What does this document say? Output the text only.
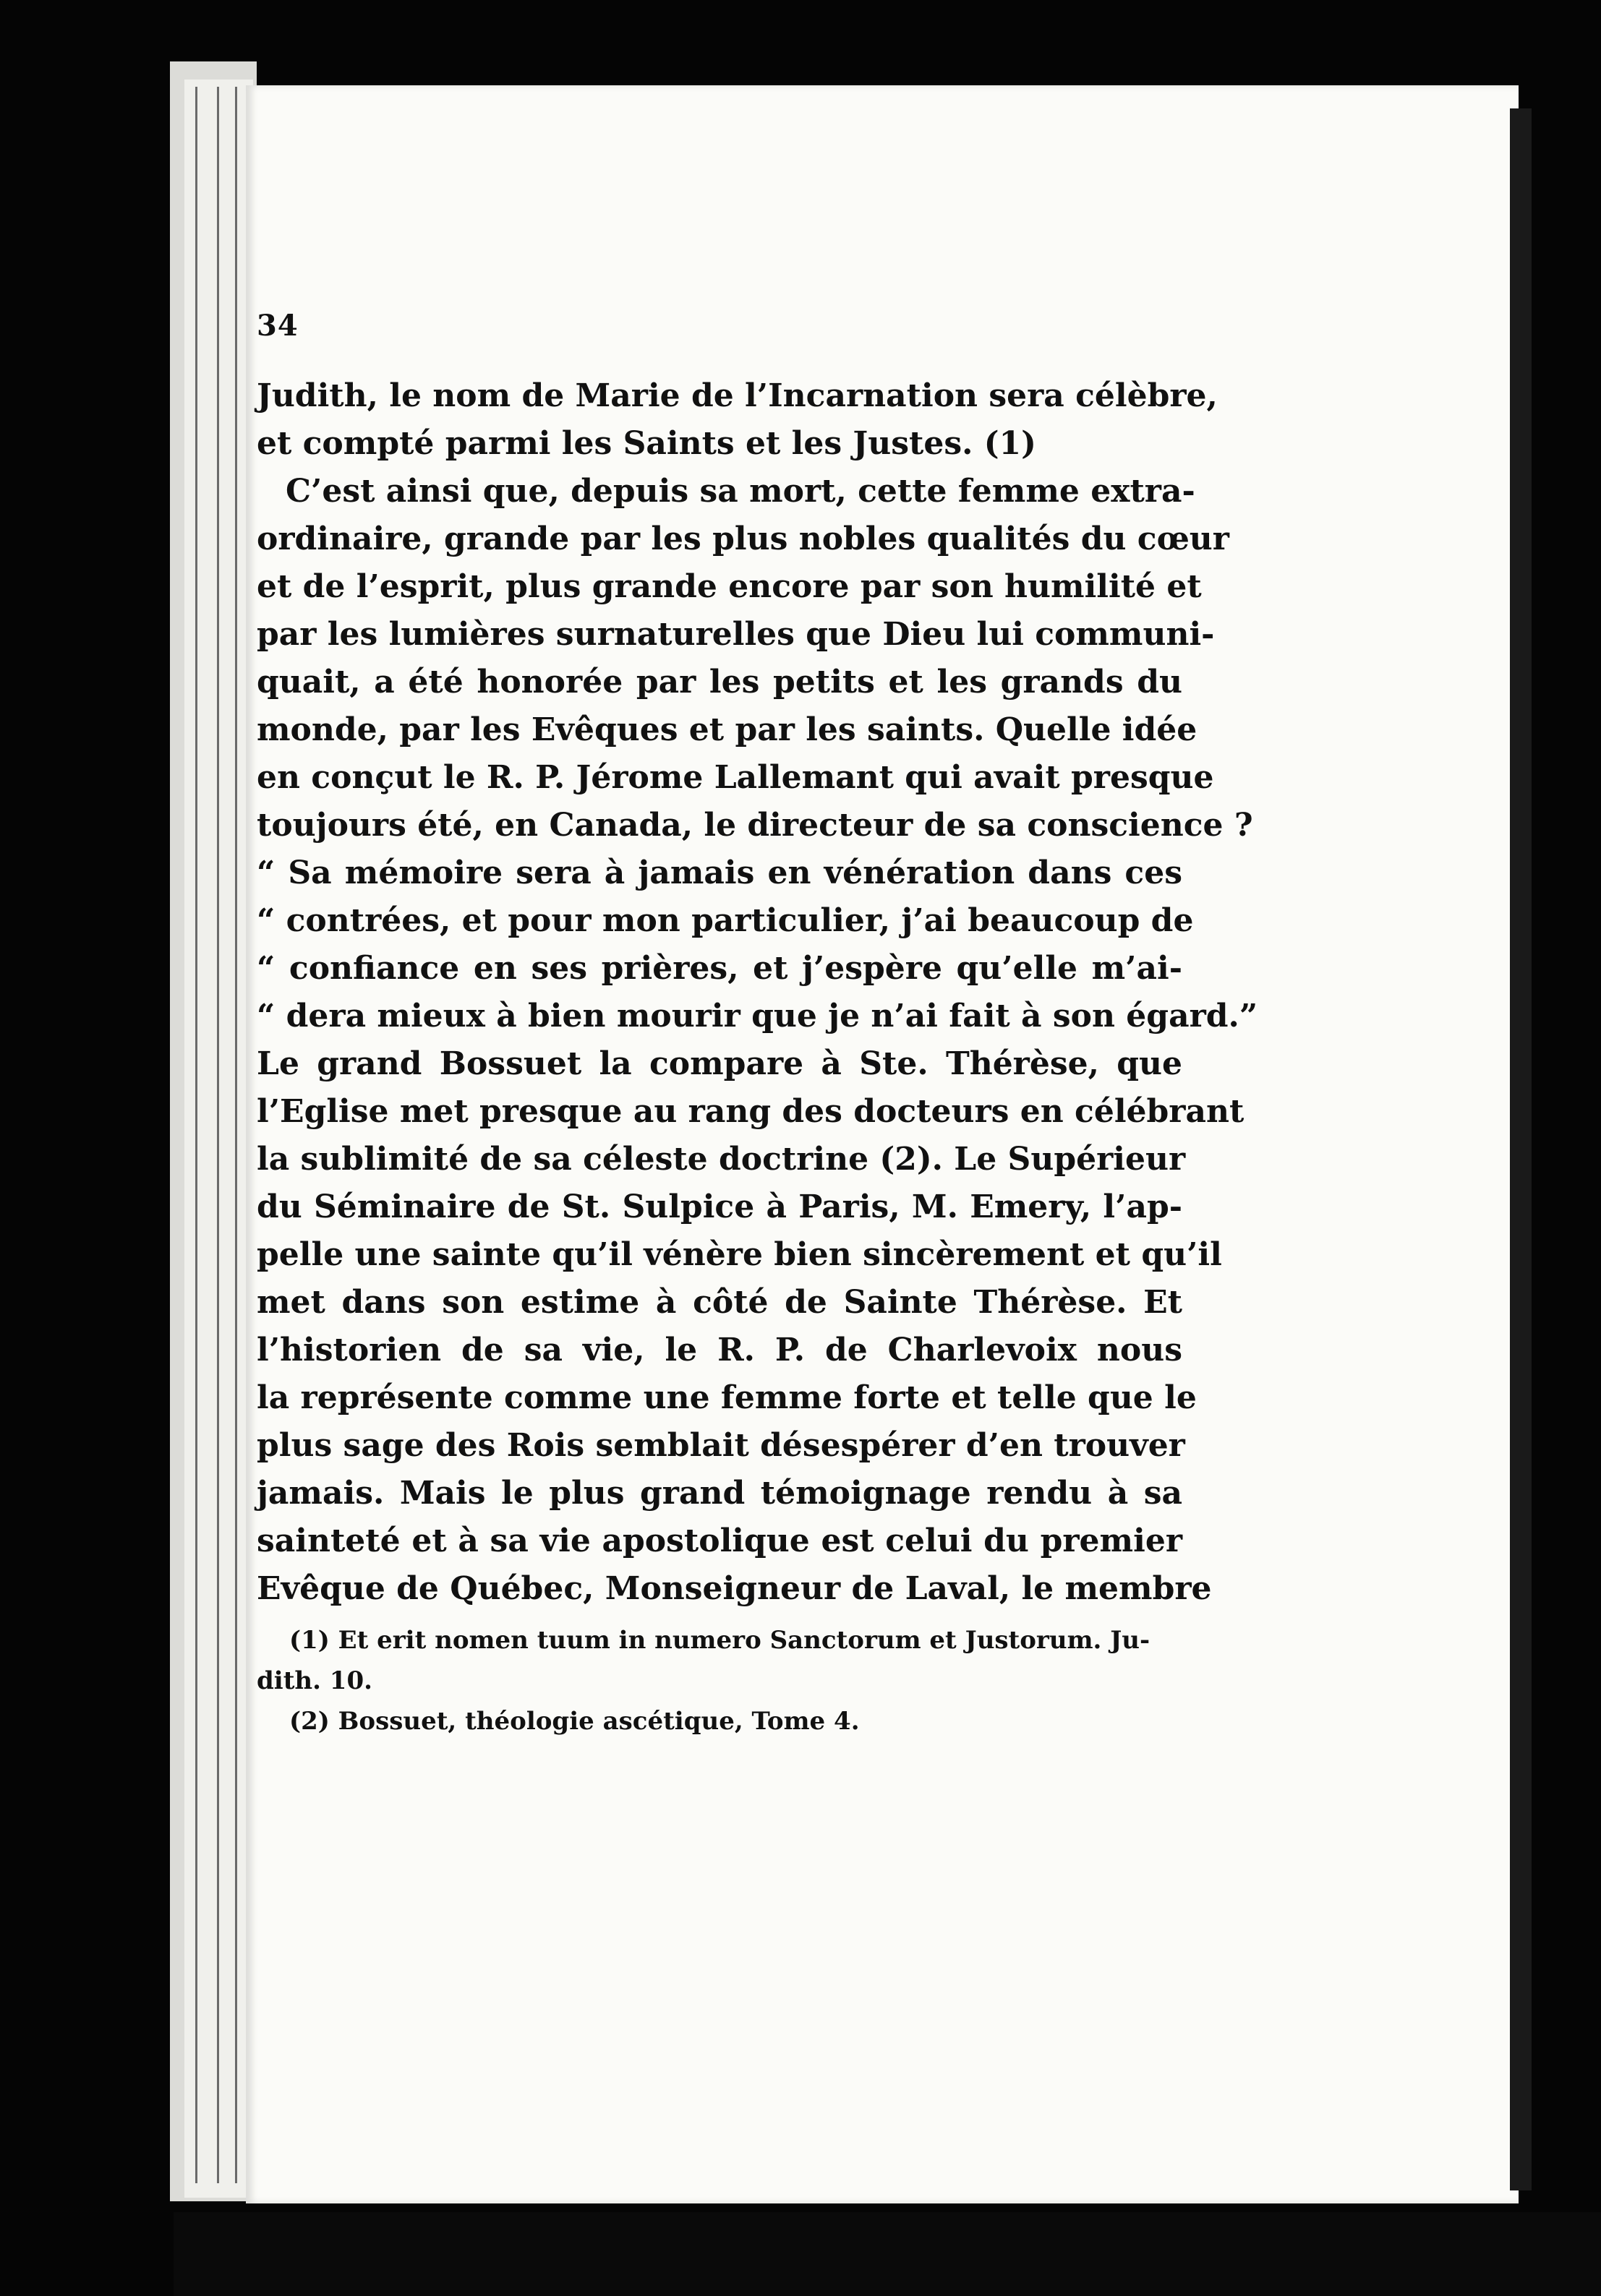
34
Judith, le nom de Marie de l’Incarnation sera célèbre,
et compté parmi les Saints et les Justes. (1)
C’est ainsi que, depuis sa mort, cette femme extra-
ordinaire, grande par les plus nobles qualités du cœur
et de l’esprit, plus grande encore par son humilité et
par les lumières surnaturelles que Dieu lui communi-
quait, a été honorée par les petits et les grands du
monde, par les Evêques et par les saints. Quelle idée
en conçut le R. P. Jérome Lallemant qui avait presque
toujours été, en Canada, le directeur de sa conscience ?
“ Sa mémoire sera à jamais en vénération dans ces
“ contrées, et pour mon particulier, j’ai beaucoup de
“ confiance en ses prières, et j’espère qu’elle m’ai-
“ dera mieux à bien mourir que je n’ai fait à son égard.”
Le grand Bossuet la compare à Ste. Thérèse, que
l’Eglise met presque au rang des docteurs en célébrant
la sublimité de sa céleste doctrine (2). Le Supérieur
du Séminaire de St. Sulpice à Paris, M. Emery, l’ap-
pelle une sainte qu’il vénère bien sincèrement et qu’il
met dans son estime à côté de Sainte Thérèse. Et
l’historien de sa vie, le R. P. de Charlevoix nous
la représente comme une femme forte et telle que le
plus sage des Rois semblait désespérer d’en trouver
jamais. Mais le plus grand témoignage rendu à sa
sainteté et à sa vie apostolique est celui du premier
Evêque de Québec, Monseigneur de Laval, le membre
(1) Et erit nomen tuum in numero Sanctorum et Justorum. Ju-
dith. 10.
(2) Bossuet, théologie ascétique, Tome 4.
